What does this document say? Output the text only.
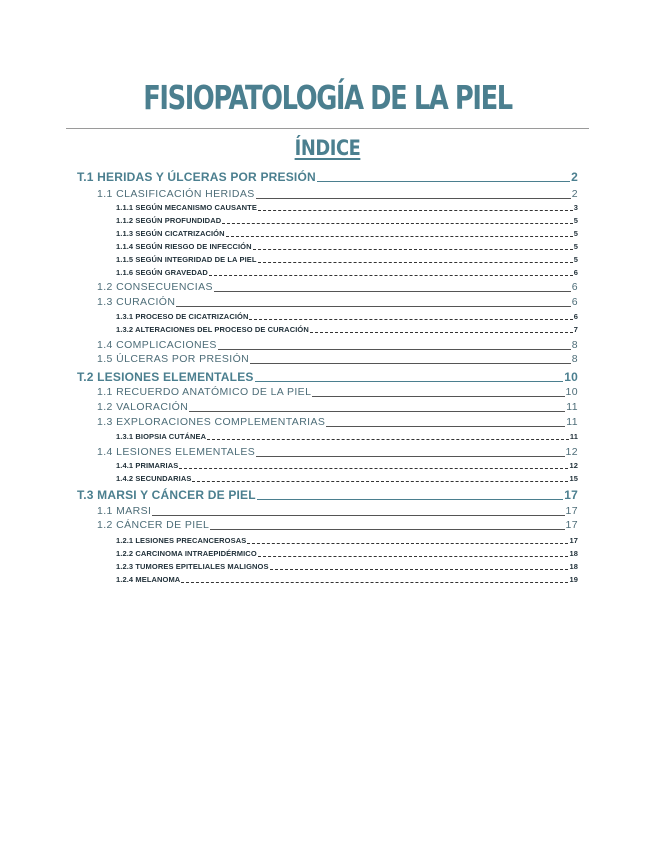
FISIOPATOLOGÍA DE LA PIEL
ÍNDICE
T.1 HERIDAS Y ÚLCERAS POR PRESIÓN	2
1.1 CLASIFICACIÓN HERIDAS	2
1.1.1 SEGÚN MECANISMO CAUSANTE	3
1.1.2 SEGÚN PROFUNDIDAD	5
1.1.3 SEGÚN CICATRIZACIÓN	5
1.1.4 SEGÚN RIESGO DE INFECCIÓN	5
1.1.5 SEGÚN INTEGRIDAD DE LA PIEL	5
1.1.6 SEGÚN GRAVEDAD	6
1.2 CONSECUENCIAS	6
1.3 CURACIÓN	6
1.3.1 PROCESO DE CICATRIZACIÓN	6
1.3.2 ALTERACIONES DEL PROCESO DE CURACIÓN	7
1.4 COMPLICACIONES	8
1.5 ÚLCERAS POR PRESIÓN	8
T.2 LESIONES ELEMENTALES	10
1.1 RECUERDO ANATÓMICO DE LA PIEL	10
1.2 VALORACIÓN	11
1.3 EXPLORACIONES COMPLEMENTARIAS	11
1.3.1 BIOPSIA CUTÁNEA	11
1.4 LESIONES ELEMENTALES	12
1.4.1 PRIMARIAS	12
1.4.2 SECUNDARIAS	15
T.3 MARSI Y CÁNCER DE PIEL	17
1.1 MARSI	17
1.2 CÁNCER DE PIEL	17
1.2.1 LESIONES PRECANCEROSAS	17
1.2.2 CARCINOMA INTRAEPIDÉRMICO	18
1.2.3 TUMORES EPITELIALES MALIGNOS	18
1.2.4 MELANOMA	19
